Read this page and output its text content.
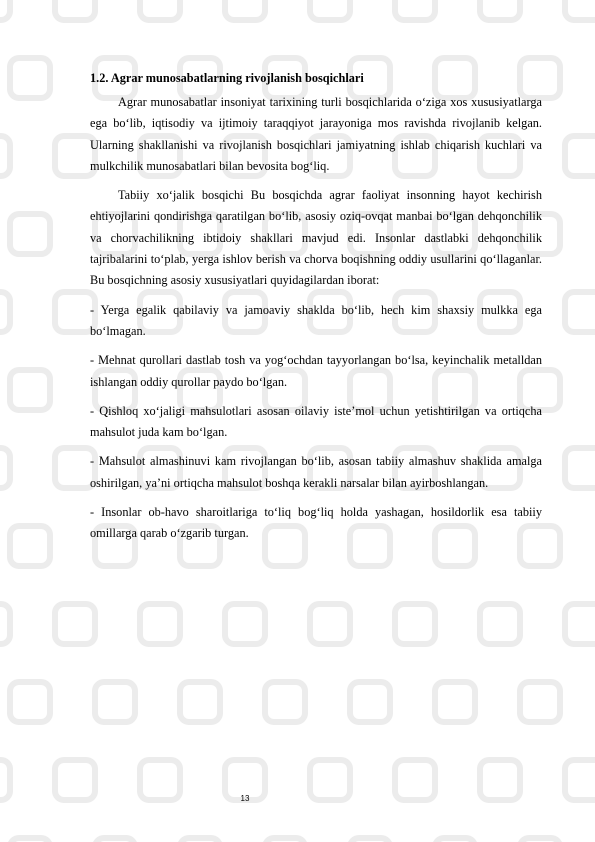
1.2. Agrar munosabatlarning rivojlanish bosqichlari

Agrar munosabatlar insoniyat tarixining turli bosqichlarida o‘ziga xos xususiyatlarga ega bo‘lib, iqtisodiy va ijtimoiy taraqqiyot jarayoniga mos ravishda rivojlanib kelgan. Ularning shakllanishi va rivojlanish bosqichlari jamiyatning ishlab chiqarish kuchlari va mulkchilik munosabatlari bilan bevosita bog‘liq.

Tabiiy xo‘jalik bosqichi Bu bosqichda agrar faoliyat insonning hayot kechirish ehtiyojlarini qondirishga qaratilgan bo‘lib, asosiy oziq-ovqat manbai bo‘lgan dehqonchilik va chorvachilikning ibtidoiy shakllari mavjud edi. Insonlar dastlabki dehqonchilik tajribalarini to‘plab, yerga ishlov berish va chorva boqishning oddiy usullarini qo‘llaganlar. Bu bosqichning asosiy xususiyatlari quyidagilardan iborat:

- Yerga egalik qabilaviy va jamoaviy shaklda bo‘lib, hech kim shaxsiy mulkka ega bo‘lmagan.

- Mehnat qurollari dastlab tosh va yog‘ochdan tayyorlangan bo‘lsa, keyinchalik metalldan ishlangan oddiy qurollar paydo bo‘lgan.

- Qishloq xo‘jaligi mahsulotlari asosan oilaviy iste’mol uchun yetishtirilgan va ortiqcha mahsulot juda kam bo‘lgan.

- Mahsulot almashinuvi kam rivojlangan bo‘lib, asosan tabiiy almashuv shaklida amalga oshirilgan, ya’ni ortiqcha mahsulot boshqa kerakli narsalar bilan ayirboshlangan.

- Insonlar ob-havo sharoitlariga to‘liq bog‘liq holda yashagan, hosildorlik esa tabiiy omillarga qarab o‘zgarib turgan.

13
